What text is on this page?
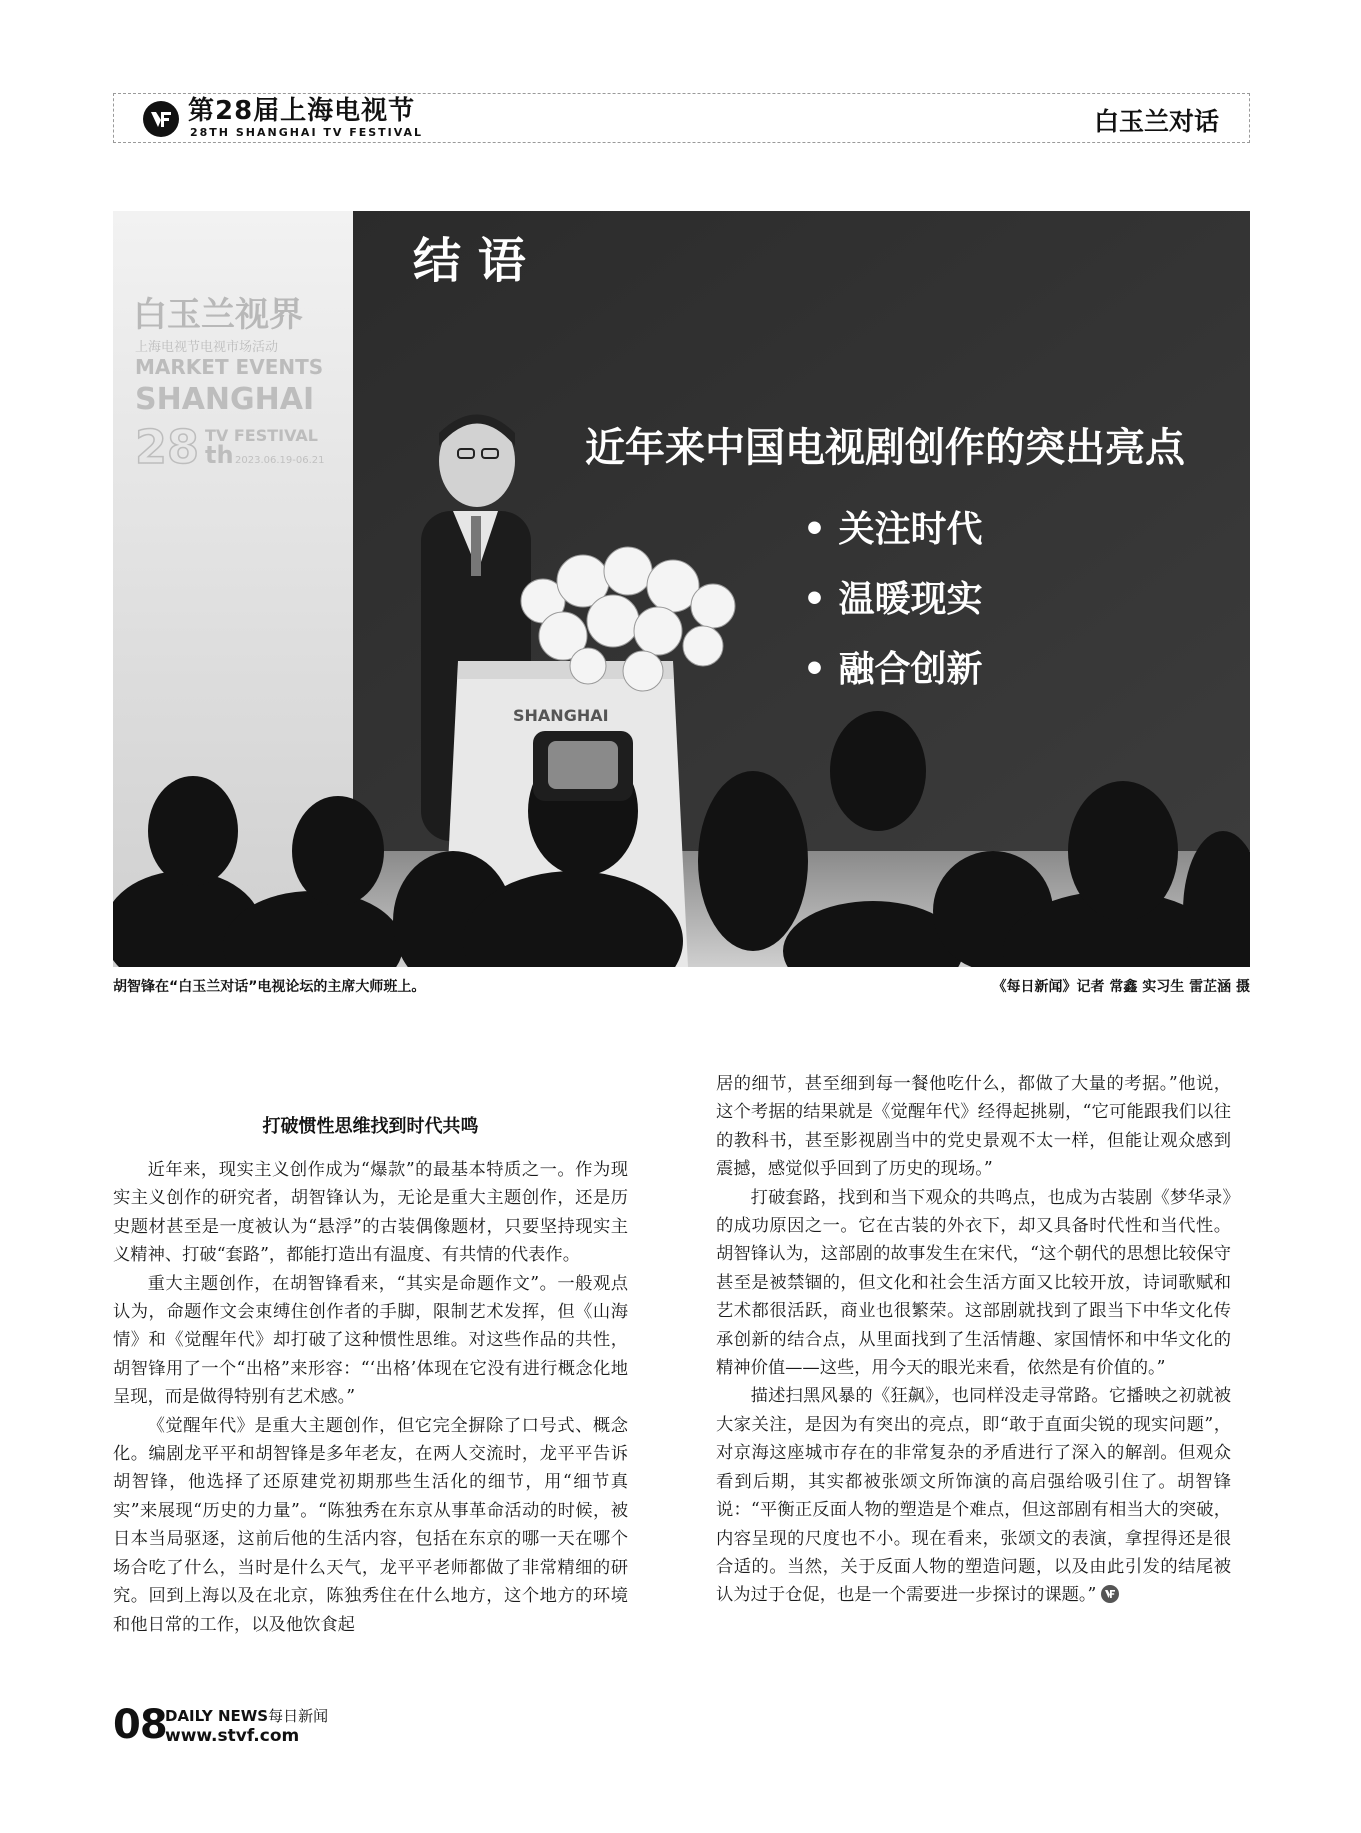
第28届上海电视节
28TH SHANGHAI TV FESTIVAL	白玉兰对话
白玉兰视界
上海电视节电视市场活动
MARKET EVENTS
SHANGHAI
28 th
TV FESTIVAL
2023.06.19-06.21
结 语
近年来中国电视剧创作的突出亮点
• 关注时代
• 温暖现实
• 融合创新
SHANGHAI
胡智锋在“白玉兰对话”电视论坛的主席大师班上。	《每日新闻》记者 常鑫 实习生 雷芷涵 摄
打破惯性思维找到时代共鸣

近年来，现实主义创作成为“爆款”的最基本特质之一。作为现实主义创作的研究者，胡智锋认为，无论是重大主题创作，还是历史题材甚至是一度被认为“悬浮”的古装偶像题材，只要坚持现实主义精神、打破“套路”，都能打造出有温度、有共情的代表作。

重大主题创作，在胡智锋看来，“其实是命题作文”。一般观点认为，命题作文会束缚住创作者的手脚，限制艺术发挥，但《山海情》和《觉醒年代》却打破了这种惯性思维。对这些作品的共性，胡智锋用了一个“出格”来形容：“‘出格’体现在它没有进行概念化地呈现，而是做得特别有艺术感。”

《觉醒年代》是重大主题创作，但它完全摒除了口号式、概念化。编剧龙平平和胡智锋是多年老友，在两人交流时，龙平平告诉胡智锋，他选择了还原建党初期那些生活化的细节，用“细节真实”来展现“历史的力量”。“陈独秀在东京从事革命活动的时候，被日本当局驱逐，这前后他的生活内容，包括在东京的哪一天在哪个场合吃了什么，当时是什么天气，龙平平老师都做了非常精细的研究。回到上海以及在北京，陈独秀住在什么地方，这个地方的环境和他日常的工作，以及他饮食起

居的细节，甚至细到每一餐他吃什么，都做了大量的考据。”他说，这个考据的结果就是《觉醒年代》经得起挑剔，“它可能跟我们以往的教科书，甚至影视剧当中的党史景观不太一样，但能让观众感到震撼，感觉似乎回到了历史的现场。”

打破套路，找到和当下观众的共鸣点，也成为古装剧《梦华录》的成功原因之一。它在古装的外衣下，却又具备时代性和当代性。胡智锋认为，这部剧的故事发生在宋代，“这个朝代的思想比较保守甚至是被禁锢的，但文化和社会生活方面又比较开放，诗词歌赋和艺术都很活跃，商业也很繁荣。这部剧就找到了跟当下中华文化传承创新的结合点，从里面找到了生活情趣、家国情怀和中华文化的精神价值——这些，用今天的眼光来看，依然是有价值的。”

描述扫黑风暴的《狂飙》，也同样没走寻常路。它播映之初就被大家关注，是因为有突出的亮点，即“敢于直面尖锐的现实问题”，对京海这座城市存在的非常复杂的矛盾进行了深入的解剖。但观众看到后期，其实都被张颂文所饰演的高启强给吸引住了。胡智锋说：“平衡正反面人物的塑造是个难点，但这部剧有相当大的突破，内容呈现的尺度也不小。现在看来，张颂文的表演，拿捏得还是很合适的。当然，关于反面人物的塑造问题，以及由此引发的结尾被认为过于仓促，也是一个需要进一步探讨的课题。”

08
DAILY NEWS每日新闻
www.stvf.com
